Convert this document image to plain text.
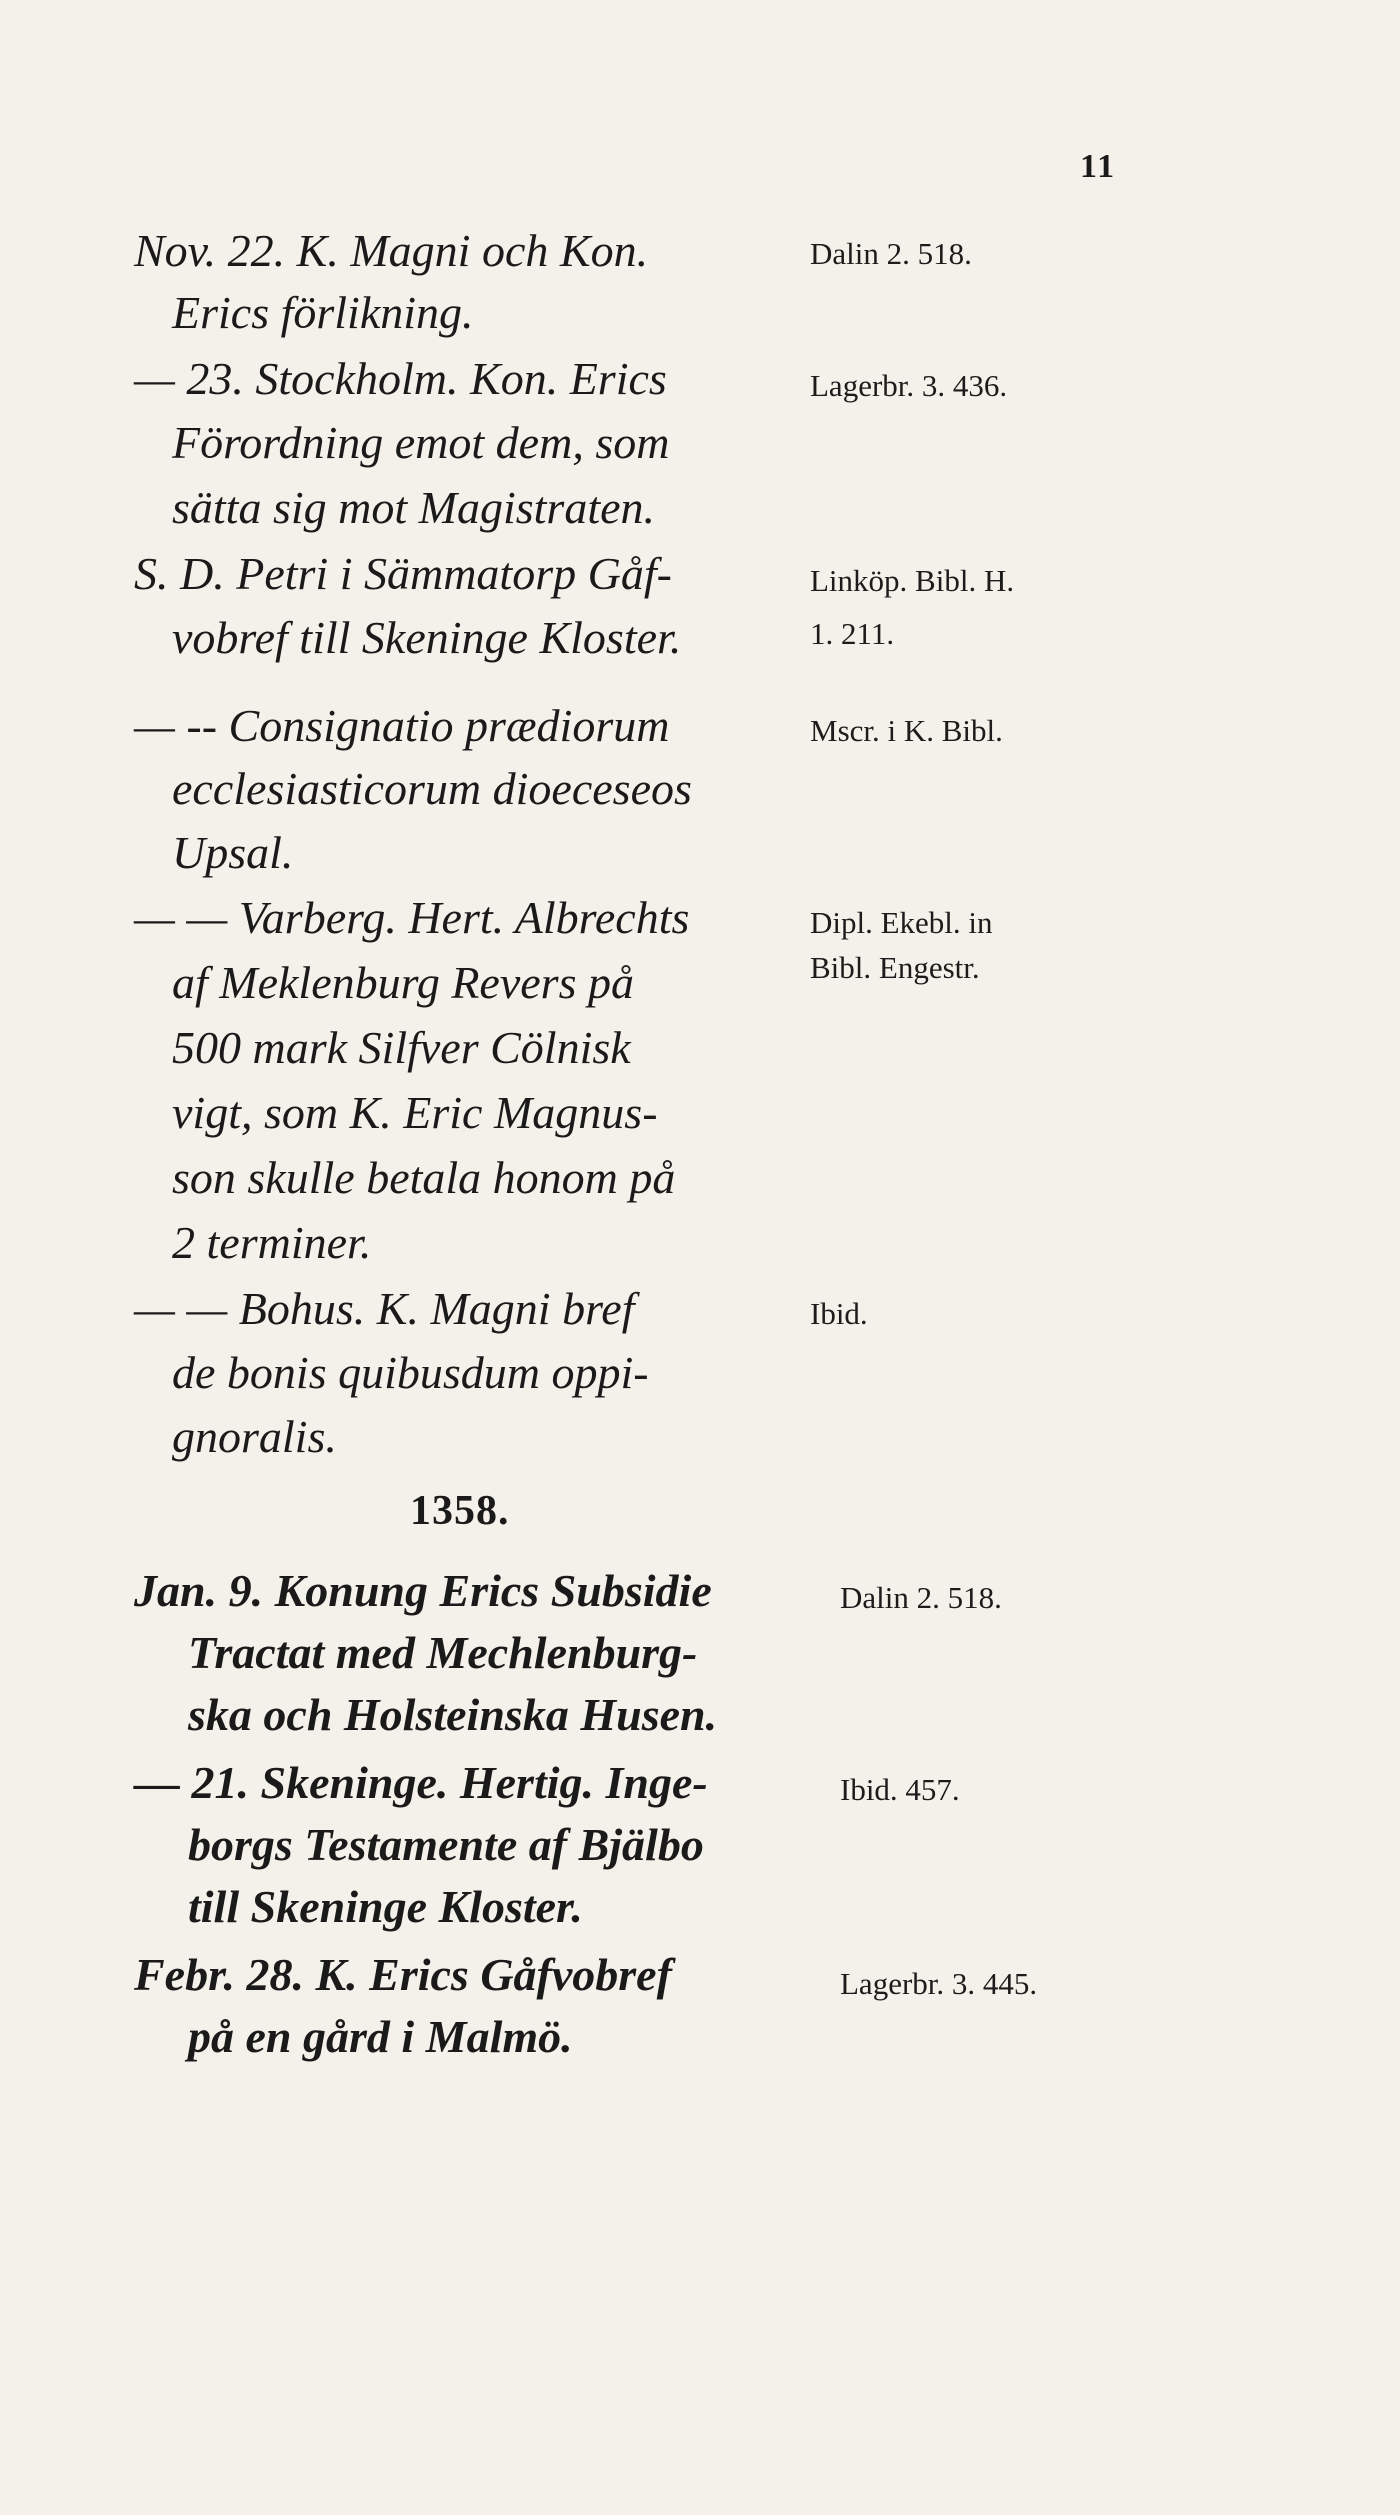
11
Nov. 22. K. Magni och Kon.
Erics förlikning.
Dalin 2. 518.
— 23. Stockholm. Kon. Erics
Förordning emot dem, som
sätta sig mot Magistraten.
Lagerbr. 3. 436.
S. D. Petri i Sämmatorp Gåf-
vobref till Skeninge Kloster.
Linköp. Bibl. H.
1. 211.
— -- Consignatio prædiorum
ecclesiasticorum dioeceseos
Upsal.
Mscr. i K. Bibl.
— — Varberg. Hert. Albrechts
af Meklenburg Revers på
500 mark Silfver Cölnisk
vigt, som K. Eric Magnus-
son skulle betala honom på
2 terminer.
Dipl. Ekebl. in
Bibl. Engestr.
— — Bohus. K. Magni bref
de bonis quibusdum oppi-
gnoralis.
Ibid.
1358.
Jan. 9. Konung Erics Subsidie
Tractat med Mechlenburg-
ska och Holsteinska Husen.
Dalin 2. 518.
— 21. Skeninge. Hertig. Inge-
borgs Testamente af Bjälbo
till Skeninge Kloster.
Ibid. 457.
Febr. 28. K. Erics Gåfvobref
på en gård i Malmö.
Lagerbr. 3. 445.
